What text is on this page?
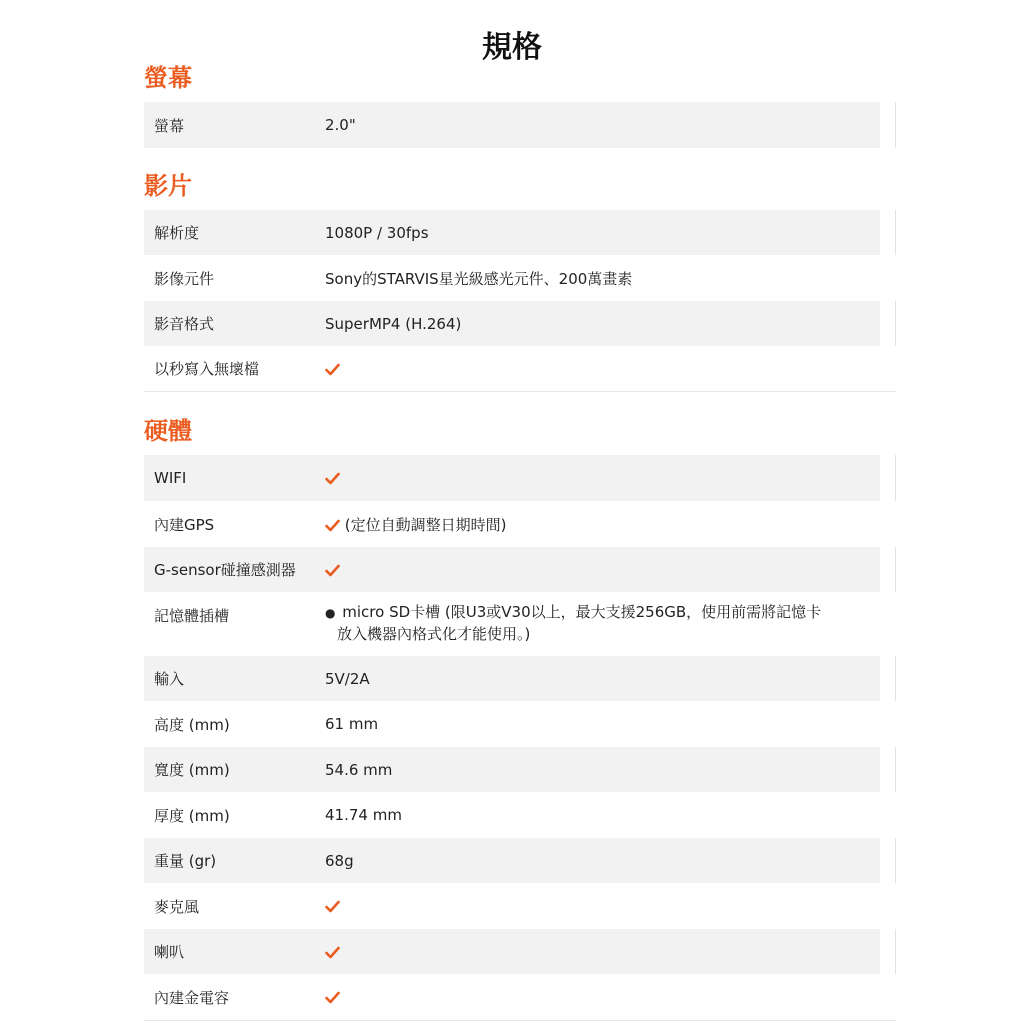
規格
螢幕
螢幕	2.0"
影片
解析度	1080P / 30fps
影像元件	Sony的STARVIS星光級感光元件、200萬畫素
影音格式	SuperMP4 (H.264)
以秒寫入無壞檔
硬體
WIFI
內建GPS	(定位自動調整日期時間)
G-sensor碰撞感測器
記憶體插槽	● micro SD卡槽 (限U3或V30以上，最大支援256GB，使用前需將記憶卡
放入機器內格式化才能使用。)
輸入	5V/2A
高度 (mm)	61 mm
寬度 (mm)	54.6 mm
厚度 (mm)	41.74 mm
重量 (gr)	68g
麥克風
喇叭
內建金電容
